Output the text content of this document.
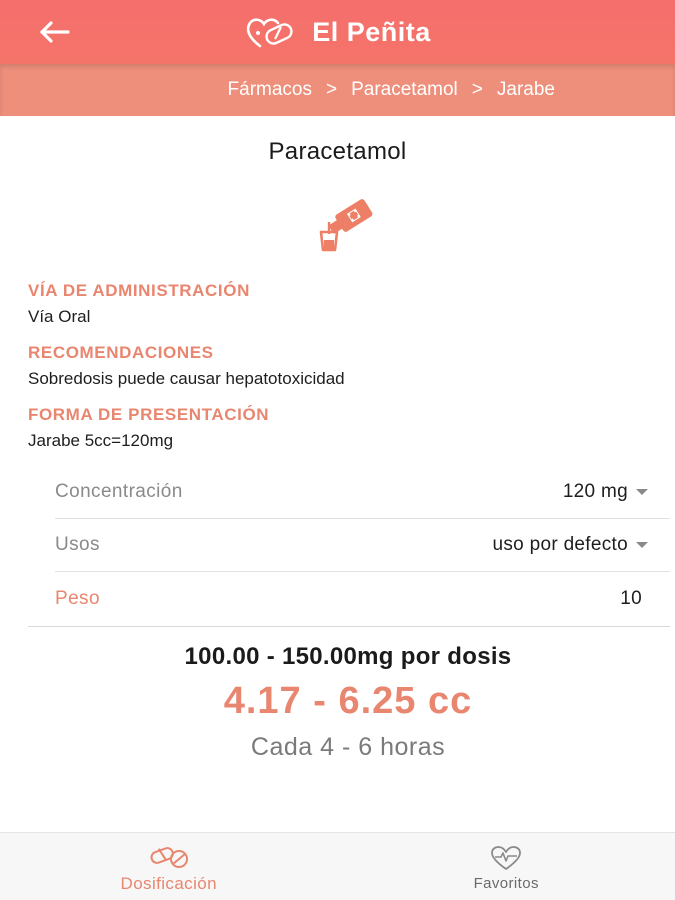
El Peñita
Fármacos > Paracetamol > Jarabe
Paracetamol
VÍA DE ADMINISTRACIÓN
Vía Oral
RECOMENDACIONES
Sobredosis puede causar hepatotoxicidad
FORMA DE PRESENTACIÓN
Jarabe 5cc=120mg
Concentración	120 mg
Usos	uso por defecto
Peso	10
100.00 - 150.00mg por dosis
4.17 - 6.25 cc
Cada 4 - 6 horas
Dosificación	Favoritos
